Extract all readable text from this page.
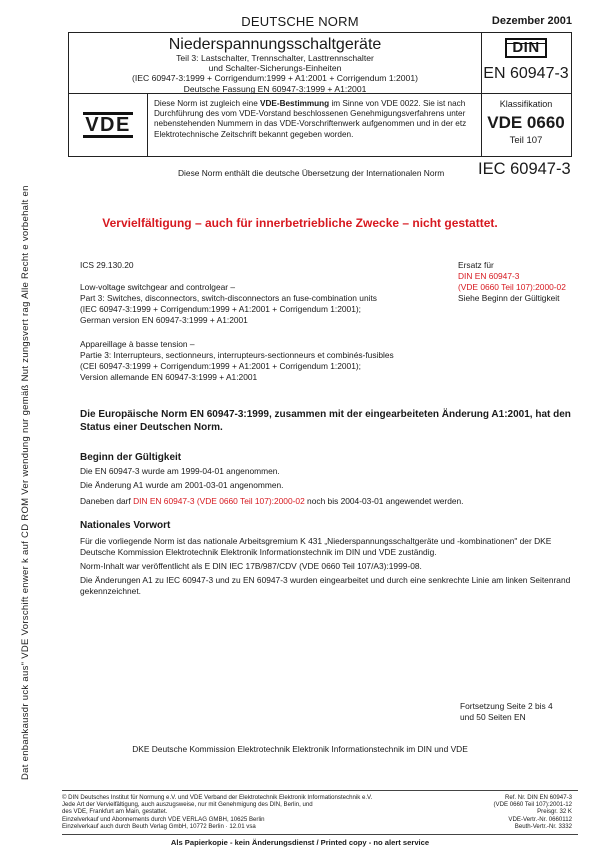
DEUTSCHE NORM	Dezember 2001
Niederspannungsschaltgeräte
Teil 3: Lastschalter, Trennschalter, Lasttrennschalter
und Schalter-Sicherungs-Einheiten
(IEC 60947-3:1999 + Corrigendum:1999 + A1:2001 + Corrigendum 1:2001)
Deutsche Fassung EN 60947-3:1999 + A1:2001
DIN
EN 60947-3
VDE
Diese Norm ist zugleich eine VDE-Bestimmung im Sinne von VDE 0022. Sie ist nach Durchführung des vom VDE-Vorstand beschlossenen Genehmigungsverfahrens unter nebenstehenden Nummern in das VDE-Vorschriftenwerk aufgenommen und in der etz Elektrotechnische Zeitschrift bekannt gegeben worden.
Klassifikation
VDE 0660
Teil 107
Dat enbankausdr uck aus" VDE Vorschift enwer k auf CD ROM Ver wendung nur gemäß Nut zungsvert rag Alle Recht e vorbehalt en
Diese Norm enthält die deutsche Übersetzung der Internationalen Norm IEC 60947-3
Vervielfältigung – auch für innerbetriebliche Zwecke – nicht gestattet.
ICS 29.130.20	Ersatz für
DIN EN 60947-3
(VDE 0660 Teil 107):2000-02
Siehe Beginn der Gültigkeit
Low-voltage switchgear and controlgear –
Part 3: Switches, disconnectors, switch-disconnectors an fuse-combination units
(IEC 60947-3:1999 + Corrigendum:1999 + A1:2001 + Corrigendum 1:2001);
German version EN 60947-3:1999 + A1:2001
Appareillage à basse tension –
Partie 3: Interrupteurs, sectionneurs, interrupteurs-sectionneurs et combinés-fusibles
(CEI 60947-3:1999 + Corrigendum:1999 + A1:2001 + Corrigendum 1:2001);
Version allemande EN 60947-3:1999 + A1:2001
Die Europäische Norm EN 60947-3:1999, zusammen mit der eingearbeiteten Änderung A1:2001, hat den Status einer Deutschen Norm.
Beginn der Gültigkeit
Die EN 60947-3 wurde am 1999-04-01 angenommen.
Die Änderung A1 wurde am 2001-03-01 angenommen.
Daneben darf DIN EN 60947-3 (VDE 0660 Teil 107):2000-02 noch bis 2004-03-01 angewendet werden.
Nationales Vorwort

Für die vorliegende Norm ist das nationale Arbeitsgremium K 431 „Niederspannungsschaltgeräte und -kombinationen" der DKE Deutsche Kommission Elektrotechnik Elektronik Informationstechnik im DIN und VDE zuständig.

Norm-Inhalt war veröffentlicht als E DIN IEC 17B/987/CDV (VDE 0660 Teil 107/A3):1999-08.

Die Änderungen A1 zu IEC 60947-3 und zu EN 60947-3 wurden eingearbeitet und durch eine senkrechte Linie am linken Seitenrand gekennzeichnet.

Fortsetzung Seite 2 bis 4
und 50 Seiten EN
DKE Deutsche Kommission Elektrotechnik Elektronik Informationstechnik im DIN und VDE
© DIN Deutsches Institut für Normung e.V. und VDE Verband der Elektrotechnik Elektronik Informationstechnik e.V.
Jede Art der Vervielfältigung, auch auszugsweise, nur mit Genehmigung des DIN, Berlin, und
des VDE, Frankfurt am Main, gestattet.
Einzelverkauf und Abonnements durch VDE VERLAG GMBH, 10625 Berlin
Einzelverkauf auch durch Beuth Verlag GmbH, 10772 Berlin · 12.01 vsa
Ref. Nr. DIN EN 60947-3
(VDE 0660 Teil 107):2001-12
Preisgr. 32 K
VDE-Vertr.-Nr. 0660112
Beuth-Vertr.-Nr. 3332
Als Papierkopie - kein Änderungsdienst / Printed copy - no alert service
